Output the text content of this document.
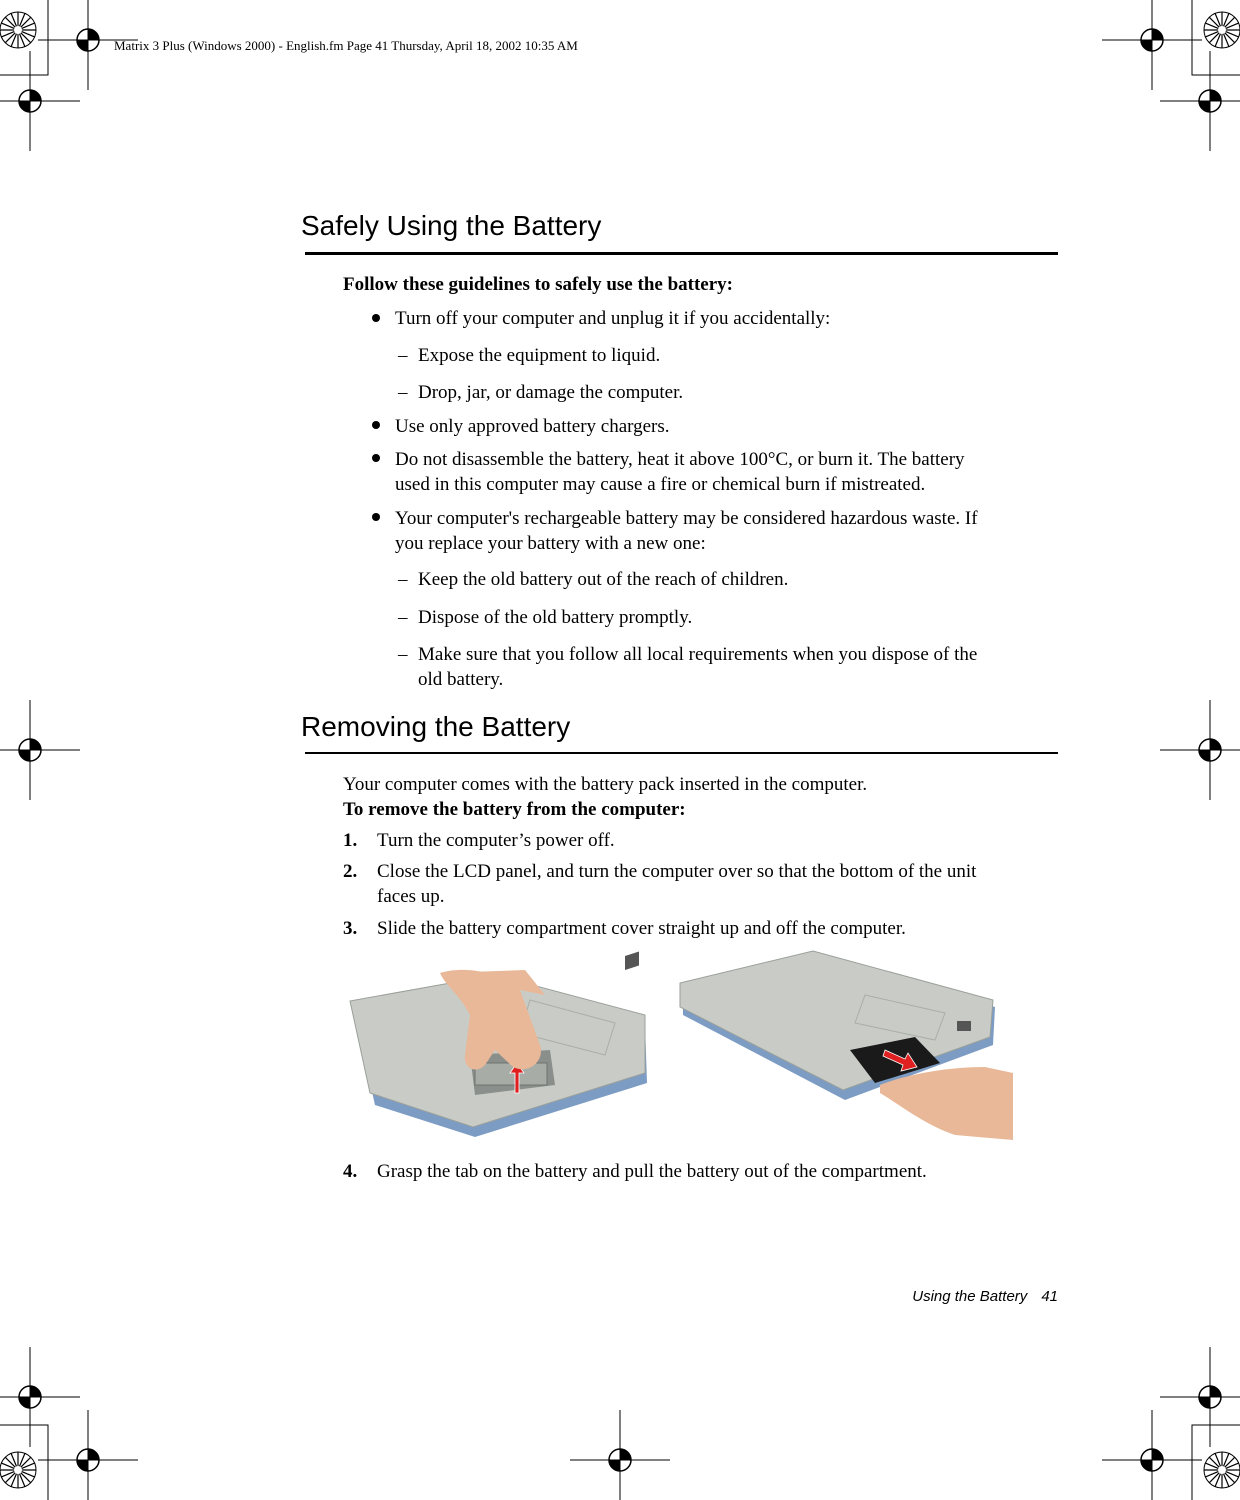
Matrix 3 Plus (Windows 2000) - English.fm Page 41 Thursday, April 18, 2002 10:35 AM
Safely Using the Battery
Follow these guidelines to safely use the battery:
Turn off your computer and unplug it if you accidentally:
– Expose the equipment to liquid.
– Drop, jar, or damage the computer.
Use only approved battery chargers.
Do not disassemble the battery, heat it above 100°C, or burn it. The battery
used in this computer may cause a fire or chemical burn if mistreated.
Your computer's rechargeable battery may be considered hazardous waste. If
you replace your battery with a new one:
– Keep the old battery out of the reach of children.
– Dispose of the old battery promptly.
– Make sure that you follow all local requirements when you dispose of the
old battery.
Removing the Battery
Your computer comes with the battery pack inserted in the computer.
To remove the battery from the computer:
1. Turn the computer’s power off.
2. Close the LCD panel, and turn the computer over so that the bottom of the unit
faces up.
3. Slide the battery compartment cover straight up and off the computer.
4. Grasp the tab on the battery and pull the battery out of the compartment.
Using the Battery 41
